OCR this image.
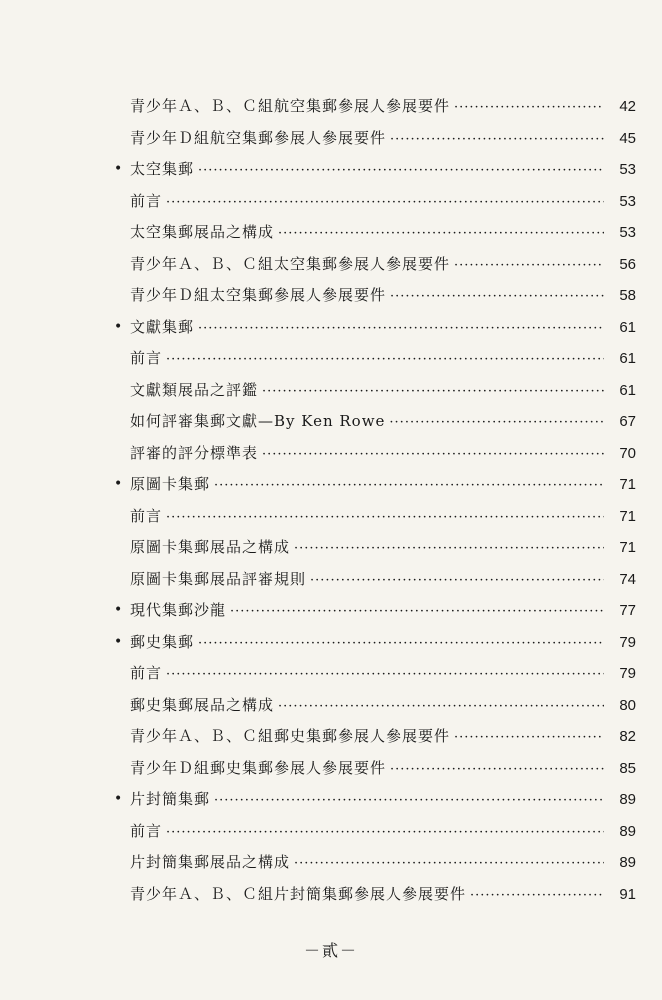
青少年Ａ、Ｂ、Ｃ組航空集郵參展人參展要件 ·····	42
青少年Ｄ組航空集郵參展人參展要件 ·····	45
• 太空集郵 ·····	53
前言 ·····	53
太空集郵展品之構成 ·····	53
青少年Ａ、Ｂ、Ｃ組太空集郵參展人參展要件 ·····	56
青少年Ｄ組太空集郵參展人參展要件 ·····	58
• 文獻集郵 ·····	61
前言 ·····	61
文獻類展品之評鑑 ·····	61
如何評審集郵文獻—By Ken Rowe ·····	67
評審的評分標準表 ·····	70
• 原圖卡集郵 ·····	71
前言 ·····	71
原圖卡集郵展品之構成 ·····	71
原圖卡集郵展品評審規則 ·····	74
• 現代集郵沙龍 ·····	77
• 郵史集郵 ·····	79
前言 ·····	79
郵史集郵展品之構成 ·····	80
青少年Ａ、Ｂ、Ｃ組郵史集郵參展人參展要件 ·····	82
青少年Ｄ組郵史集郵參展人參展要件 ·····	85
• 片封簡集郵 ·····	89
前言 ·····	89
片封簡集郵展品之構成 ·····	89
青少年Ａ、Ｂ、Ｃ組片封簡集郵參展人參展要件 ·····	91
－貳－
